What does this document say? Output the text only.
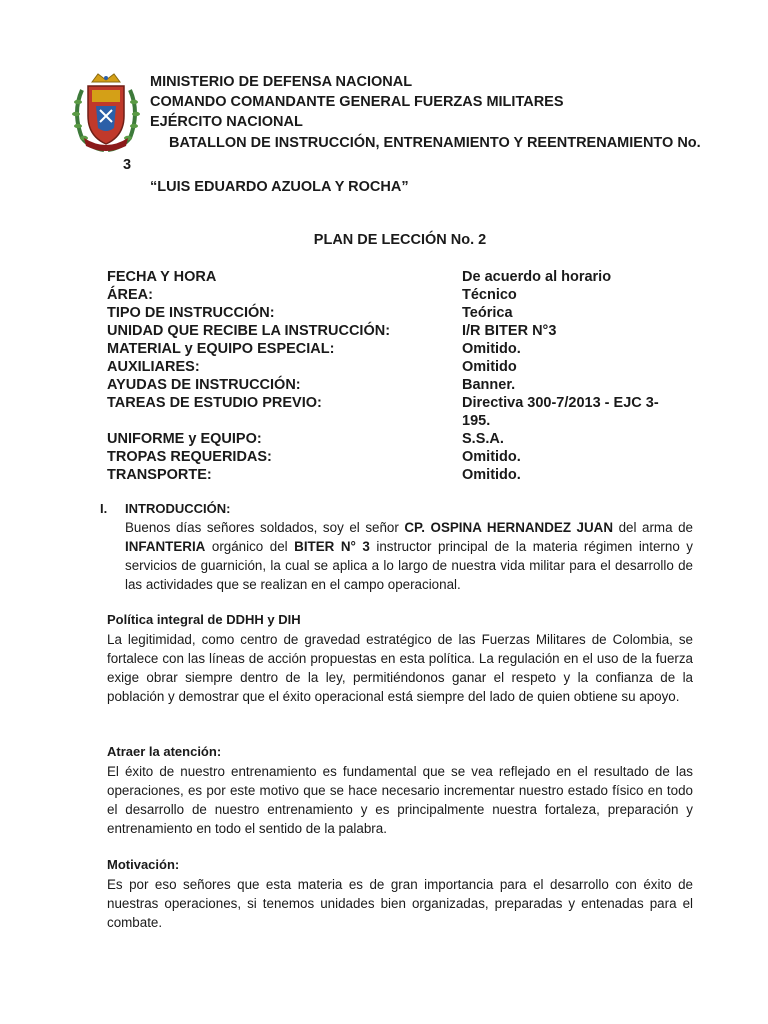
MINISTERIO DE DEFENSA NACIONAL
COMANDO COMANDANTE GENERAL FUERZAS MILITARES
EJÉRCITO NACIONAL
BATALLON DE INSTRUCCIÓN, ENTRENAMIENTO Y REENTRENAMIENTO No.
3
“LUIS EDUARDO AZUOLA Y ROCHA”
PLAN DE LECCIÓN No. 2
FECHA Y HORA	De acuerdo al horario
ÁREA:	Técnico
TIPO DE INSTRUCCIÓN:	Teórica
UNIDAD QUE RECIBE LA INSTRUCCIÓN:	I/R BITER N°3
MATERIAL y EQUIPO ESPECIAL:	Omitido.
AUXILIARES:	Omitido
AYUDAS DE INSTRUCCIÓN:	Banner.
TAREAS DE ESTUDIO PREVIO:	Directiva 300-7/2013 - EJC 3-195.
UNIFORME y EQUIPO:	S.S.A.
TROPAS REQUERIDAS:	Omitido.
TRANSPORTE:	Omitido.
I. INTRODUCCIÓN:
Buenos días señores soldados, soy el señor CP. OSPINA HERNANDEZ JUAN del arma de INFANTERIA orgánico del BITER N° 3 instructor principal de la materia régimen interno y servicios de guarnición, la cual se aplica a lo largo de nuestra vida militar para el desarrollo de las actividades que se realizan en el campo operacional.
Política integral de DDHH y DIH
La legitimidad, como centro de gravedad estratégico de las Fuerzas Militares de Colombia, se fortalece con las líneas de acción propuestas en esta política. La regulación en el uso de la fuerza exige obrar siempre dentro de la ley, permitiéndonos ganar el respeto y la confianza de la población y demostrar que el éxito operacional está siempre del lado de quien obtiene su apoyo.
Atraer la atención:
El éxito de nuestro entrenamiento es fundamental que se vea reflejado en el resultado de las operaciones, es por este motivo que se hace necesario incrementar nuestro estado físico en todo el desarrollo de nuestro entrenamiento y es principalmente nuestra fortaleza, preparación y entrenamiento en todo el sentido de la palabra.
Motivación:
Es por eso señores que esta materia es de gran importancia para el desarrollo con éxito de nuestras operaciones, si tenemos unidades bien organizadas, preparadas y entenadas para el combate.
